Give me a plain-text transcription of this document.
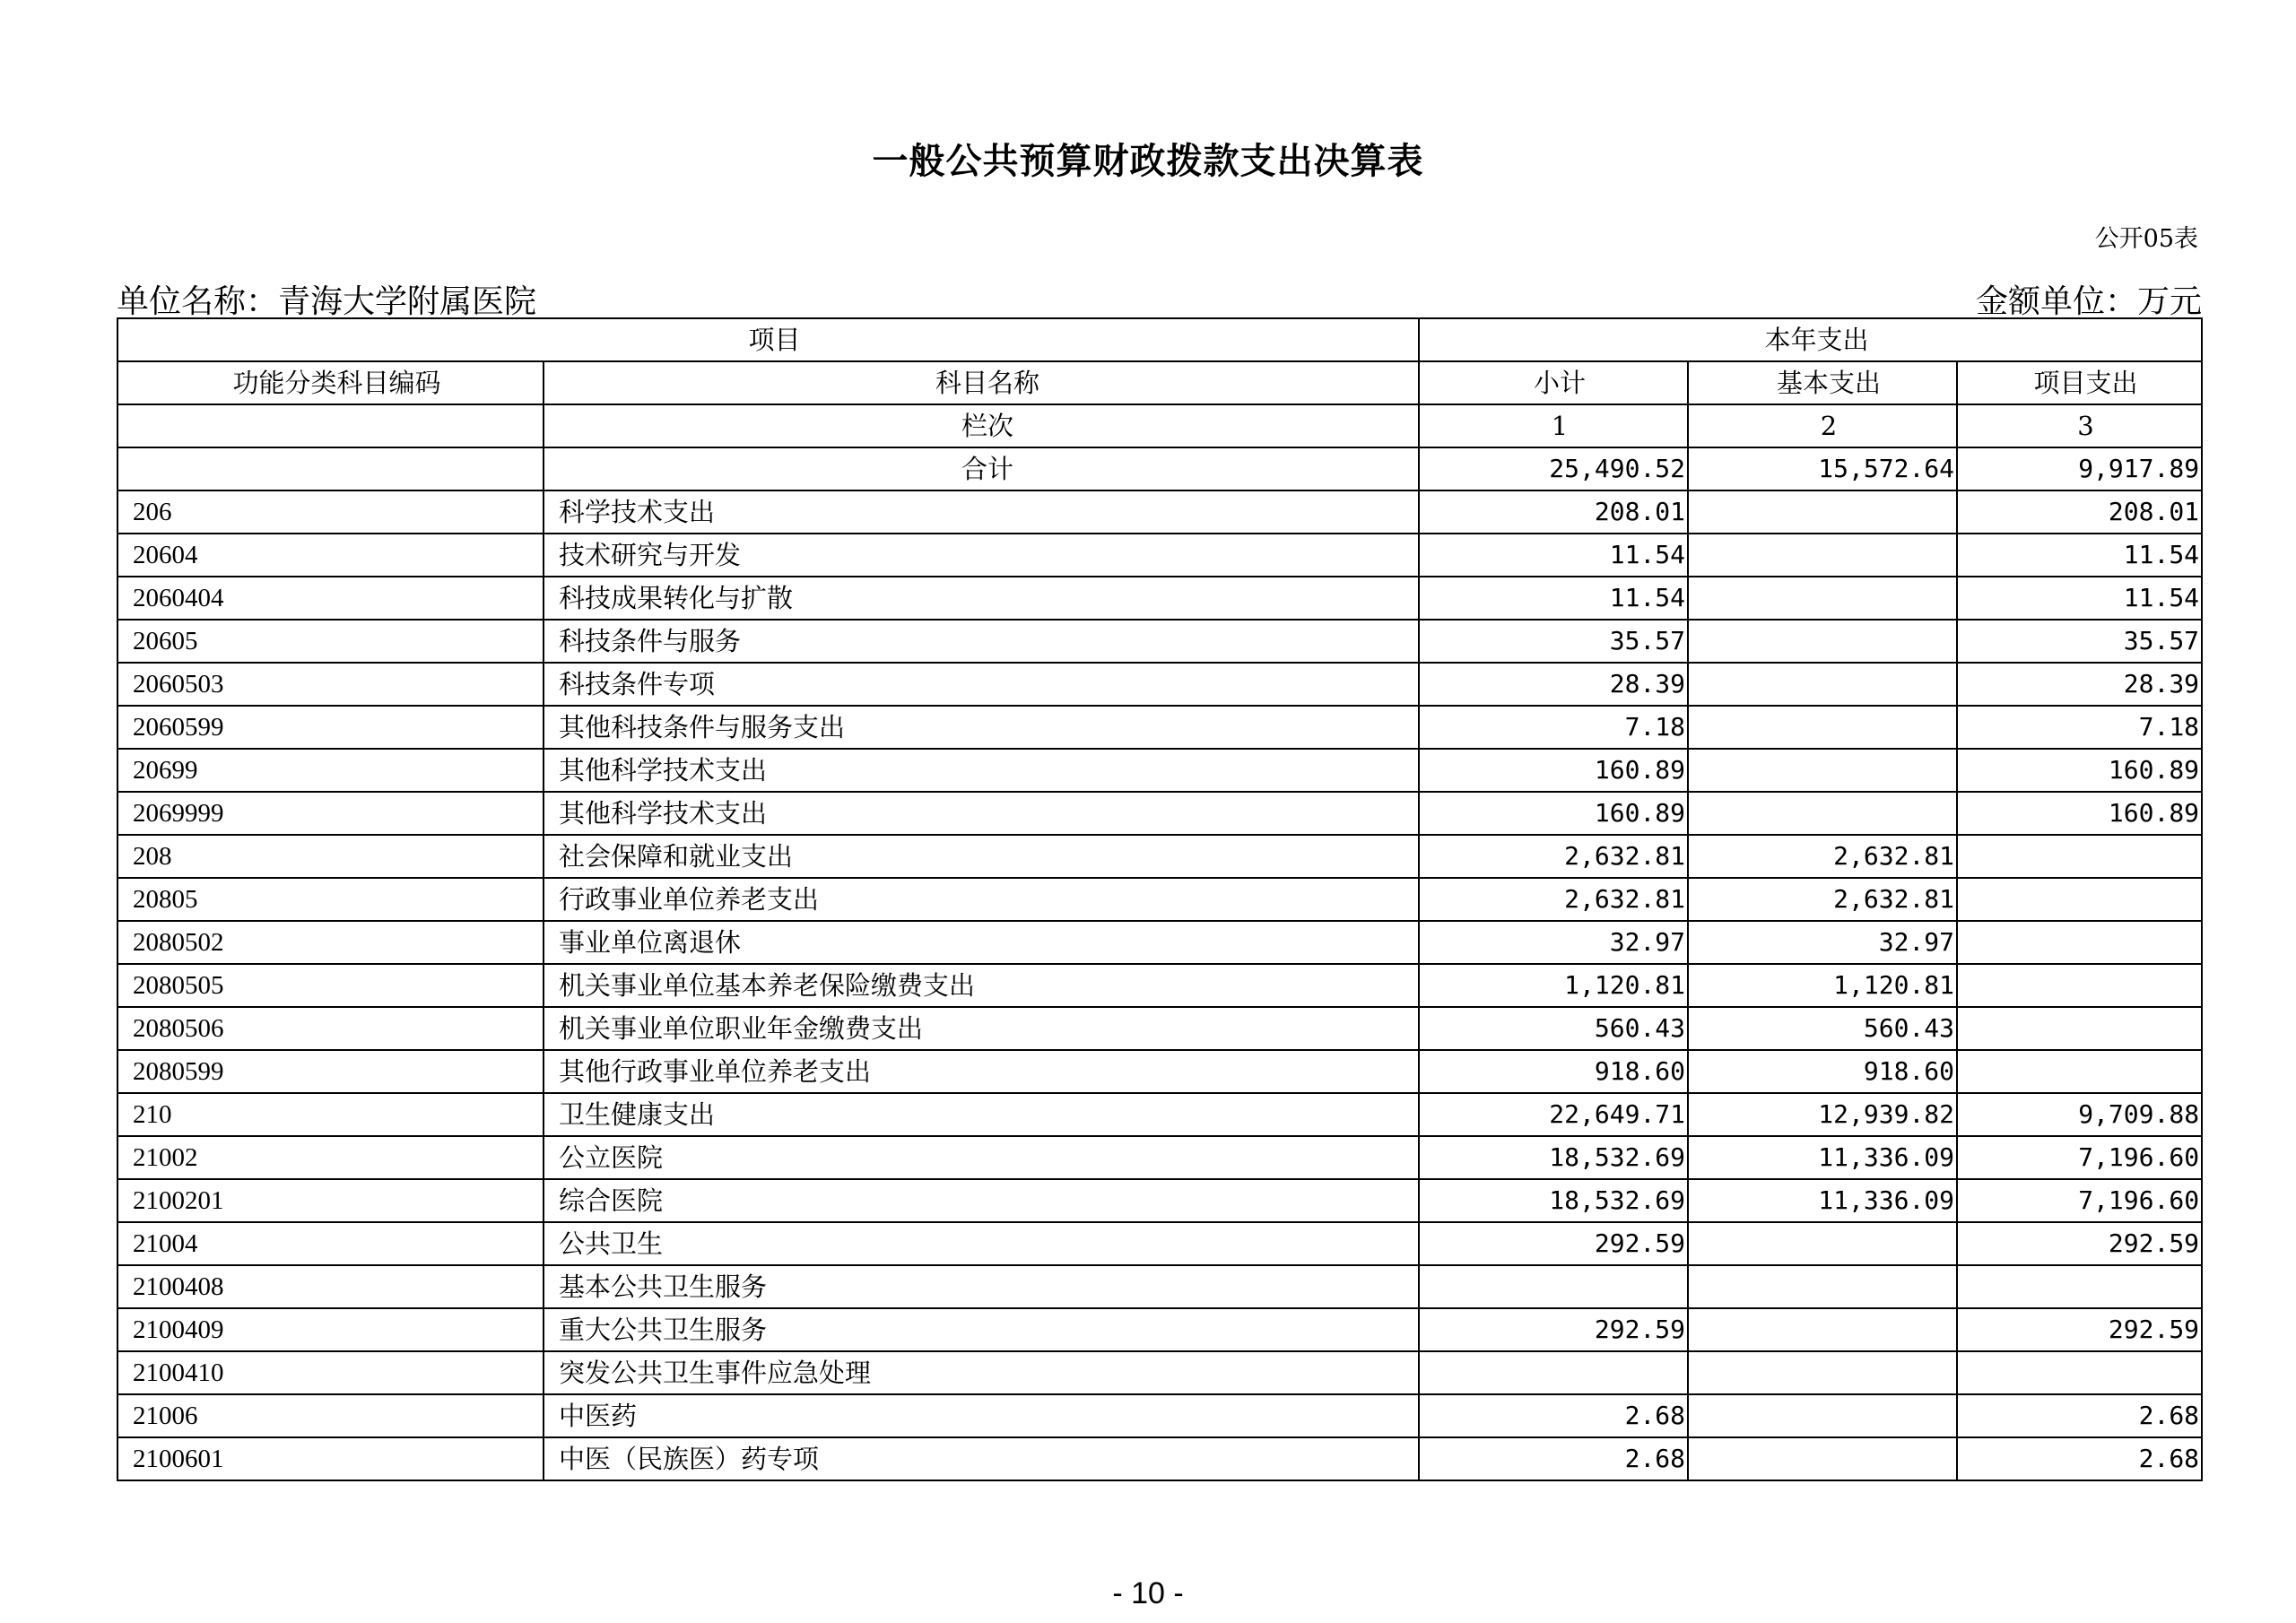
一般公共预算财政拨款支出决算表
公开05表
单位名称：青海大学附属医院	金额单位：万元
项目		本年支出		
功能分类科目编码	科目名称	小计	基本支出	项目支出
	栏次	1	2	3
	合计	25,490.52	15,572.64	9,917.89
206	科学技术支出	208.01		208.01
20604	技术研究与开发	11.54		11.54
2060404	科技成果转化与扩散	11.54		11.54
20605	科技条件与服务	35.57		35.57
2060503	科技条件专项	28.39		28.39
2060599	其他科技条件与服务支出	7.18		7.18
20699	其他科学技术支出	160.89		160.89
2069999	其他科学技术支出	160.89		160.89
208	社会保障和就业支出	2,632.81	2,632.81	
20805	行政事业单位养老支出	2,632.81	2,632.81	
2080502	事业单位离退休	32.97	32.97	
2080505	机关事业单位基本养老保险缴费支出	1,120.81	1,120.81	
2080506	机关事业单位职业年金缴费支出	560.43	560.43	
2080599	其他行政事业单位养老支出	918.60	918.60	
210	卫生健康支出	22,649.71	12,939.82	9,709.88
21002	公立医院	18,532.69	11,336.09	7,196.60
2100201	综合医院	18,532.69	11,336.09	7,196.60
21004	公共卫生	292.59		292.59
2100408	基本公共卫生服务			
2100409	重大公共卫生服务	292.59		292.59
2100410	突发公共卫生事件应急处理			
21006	中医药	2.68		2.68
2100601	中医（民族医）药专项	2.68		2.68
- 10 -
